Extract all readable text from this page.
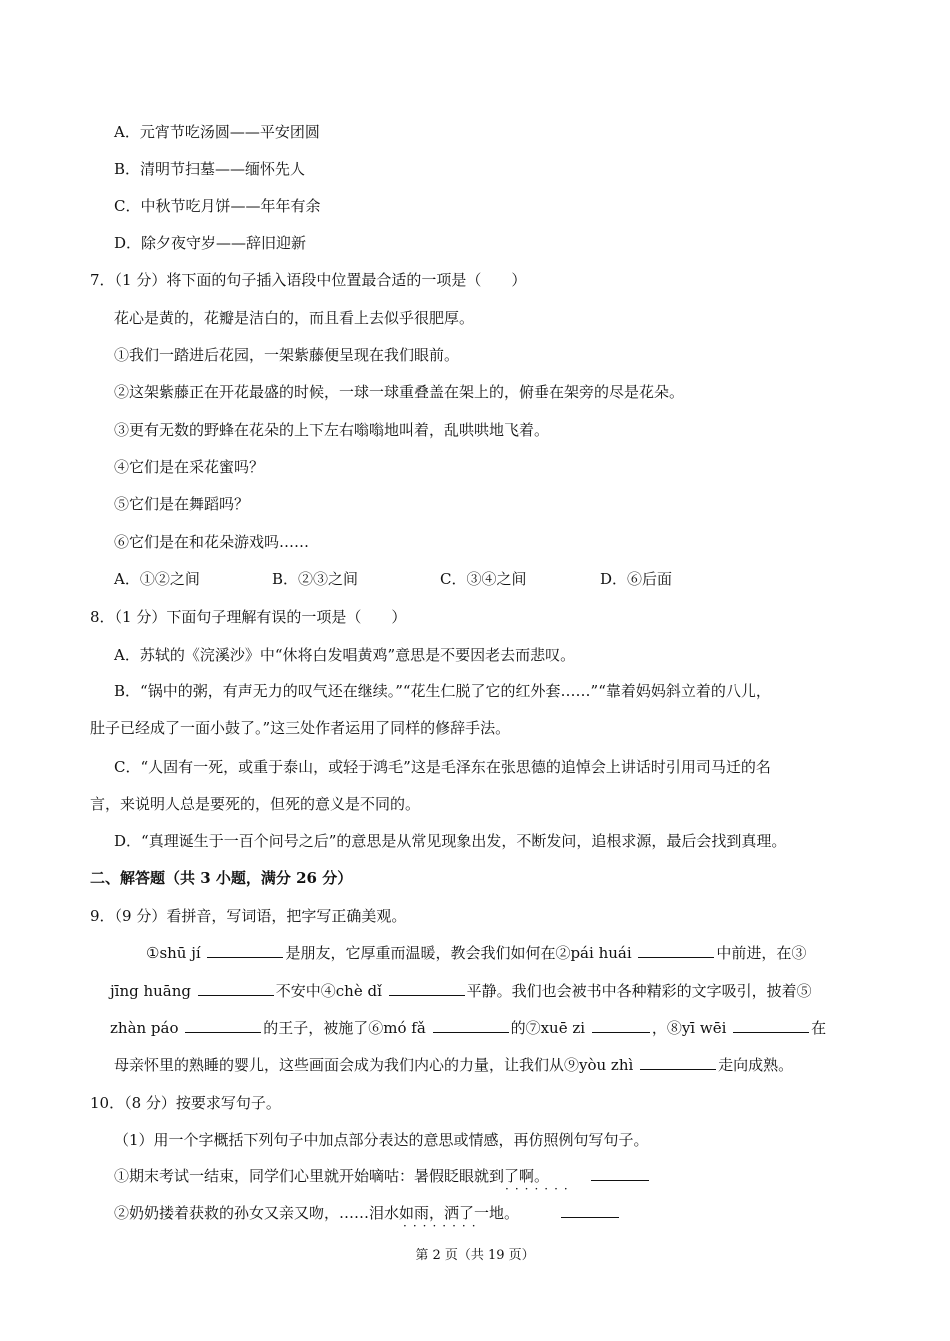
A．元宵节吃汤圆——平安团圆
B．清明节扫墓——缅怀先人
C．中秋节吃月饼——年年有余
D．除夕夜守岁——辞旧迎新
7．（1 分）将下面的句子插入语段中位置最合适的一项是（　　）
花心是黄的，花瓣是洁白的，而且看上去似乎很肥厚。
①我们一踏进后花园，一架紫藤便呈现在我们眼前。
②这架紫藤正在开花最盛的时候，一球一球重叠盖在架上的，俯垂在架旁的尽是花朵。
③更有无数的野蜂在花朵的上下左右嗡嗡地叫着，乱哄哄地飞着。
④它们是在采花蜜吗？
⑤它们是在舞蹈吗？
⑥它们是在和花朵游戏吗……
A．①②之间	B．②③之间	C．③④之间	D．⑥后面
8．（1 分）下面句子理解有误的一项是（　　）
A．苏轼的《浣溪沙》中“休将白发唱黄鸡”意思是不要因老去而悲叹。
B．“锅中的粥，有声无力的叹气还在继续。”“花生仁脱了它的红外套……”“靠着妈妈斜立着的八儿，
肚子已经成了一面小鼓了。”这三处作者运用了同样的修辞手法。
C．“人固有一死，或重于泰山，或轻于鸿毛”这是毛泽东在张思德的追悼会上讲话时引用司马迁的名
言，来说明人总是要死的，但死的意义是不同的。
D．“真理诞生于一百个问号之后”的意思是从常见现象出发，不断发问，追根求源，最后会找到真理。
二、解答题（共 3 小题，满分 26 分）
9．（9 分）看拼音，写词语，把字写正确美观。
①shū jí	是朋友，它厚重而温暖，教会我们如何在②pái huái	中前进，在③
jīng huāng	不安中④chè dǐ	平静。我们也会被书中各种精彩的文字吸引，披着⑤
zhàn páo	的王子，被施了⑥mó fǎ	的⑦xuē zi	，⑧yī wēi	在
母亲怀里的熟睡的婴儿，这些画面会成为我们内心的力量，让我们从⑨yòu zhì	走向成熟。
10．（8 分）按要求写句子。
（1）用一个字概括下列句子中加点部分表达的意思或情感，再仿照例句写句子。
①期末考试一结束，同学们心里就开始嘀咕：暑假眨眼就到了啊。
·······
②奶奶搂着获救的孙女又亲又吻，……泪水如雨，洒了一地。
········
第 2 页（共 19 页）
